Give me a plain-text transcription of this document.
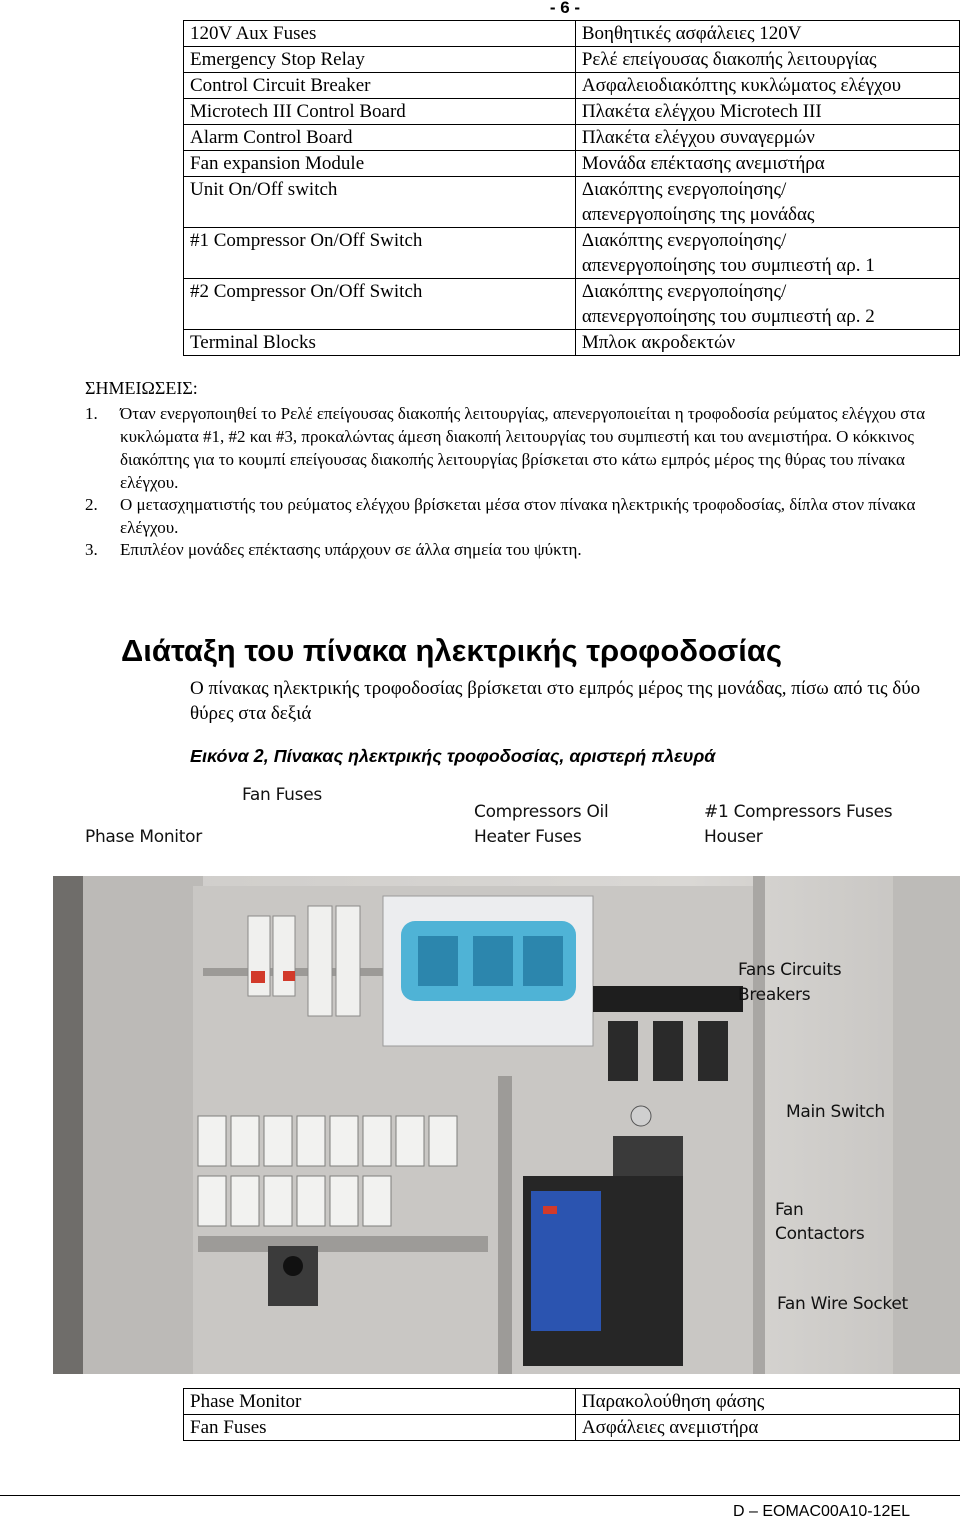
- 6 -
120V Aux Fuses	Βοηθητικές ασφάλειες 120V

Emergency Stop Relay	Ρελέ επείγουσας διακοπής λειτουργίας

Control Circuit Breaker	Ασφαλειοδιακόπτης κυκλώματος ελέγχου

Microtech III Control Board	Πλακέτα ελέγχου Microtech III

Alarm Control Board	Πλακέτα ελέγχου συναγερμών

Fan expansion Module	Μονάδα επέκτασης ανεμιστήρα

Unit On/Off switch	Διακόπτης ενεργοποίησης/
απενεργοποίησης της μονάδας

#1 Compressor On/Off Switch	Διακόπτης ενεργοποίησης/
απενεργοποίησης του συμπιεστή αρ. 1

#2 Compressor On/Off Switch	Διακόπτης ενεργοποίησης/
απενεργοποίησης του συμπιεστή αρ. 2

Terminal Blocks	Μπλοκ ακροδεκτών
ΣΗΜΕΙΩΣΕΙΣ:
1. Όταν ενεργοποιηθεί το Ρελέ επείγουσας διακοπής λειτουργίας, απενεργοποιείται η τροφοδοσία ρεύματος ελέγχου στα κυκλώματα #1, #2 και #3, προκαλώντας άμεση διακοπή λειτουργίας του συμπιεστή και του ανεμιστήρα. Ο κόκκινος διακόπτης για το κουμπί επείγουσας διακοπής λειτουργίας βρίσκεται στο κάτω εμπρός μέρος της θύρας του πίνακα ελέγχου.
2. Ο μετασχηματιστής του ρεύματος ελέγχου βρίσκεται μέσα στον πίνακα ηλεκτρικής τροφοδοσίας, δίπλα στον πίνακα ελέγχου.
3. Επιπλέον μονάδες επέκτασης υπάρχουν σε άλλα σημεία του ψύκτη.
Διάταξη του πίνακα ηλεκτρικής τροφοδοσίας
Ο πίνακας ηλεκτρικής τροφοδοσίας βρίσκεται στο εμπρός μέρος της μονάδας, πίσω από τις δύο θύρες στα δεξιά
Εικόνα 2, Πίνακας ηλεκτρικής τροφοδοσίας, αριστερή πλευρά
Fan Fuses
Phase Monitor
Compressors Oil
Heater Fuses
#1 Compressors Fuses
Houser
Fans Circuits
Breakers
Main Switch
Fan
Contactors
Fan Wire Socket
Phase Monitor	Παρακολούθηση φάσης

Fan Fuses	Ασφάλειες ανεμιστήρα
D – EOMAC00A10-12EL
